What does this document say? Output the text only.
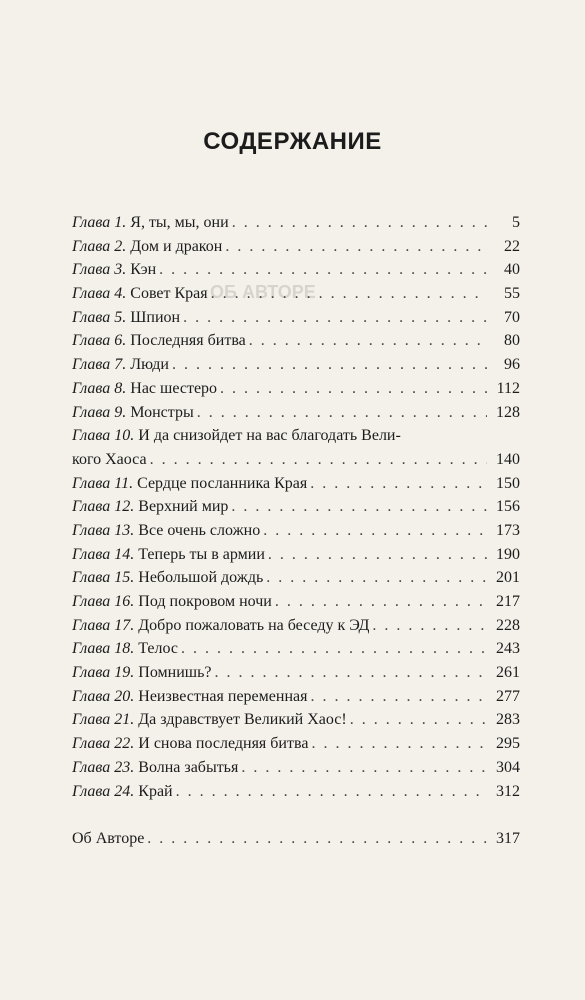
ОБ АВТОРЕ

СОДЕРЖАНИЕ
Глава 1. Я, ты, мы, они . . .	5
Глава 2. Дом и дракон . . .	22
Глава 3. Кэн . . .	40
Глава 4. Совет Края . . .	55
Глава 5. Шпион . . .	70
Глава 6. Последняя битва . . .	80
Глава 7. Люди . . .	96
Глава 8. Нас шестеро . . .	112
Глава 9. Монстры . . .	128
Глава 10. И да снизойдет на вас благодать Вели-
кого Хаоса . . .	140
Глава 11. Сердце посланника Края . . .	150
Глава 12. Верхний мир . . .	156
Глава 13. Все очень сложно . . .	173
Глава 14. Теперь ты в армии . . .	190
Глава 15. Небольшой дождь . . .	201
Глава 16. Под покровом ночи . . .	217
Глава 17. Добро пожаловать на беседу к ЭД . . .	228
Глава 18. Телос . . .	243
Глава 19. Помнишь? . . .	261
Глава 20. Неизвестная переменная . . .	277
Глава 21. Да здравствует Великий Хаос! . . .	283
Глава 22. И снова последняя битва . . .	295
Глава 23. Волна забытья . . .	304
Глава 24. Край . . .	312
Об Авторе . . .	317
